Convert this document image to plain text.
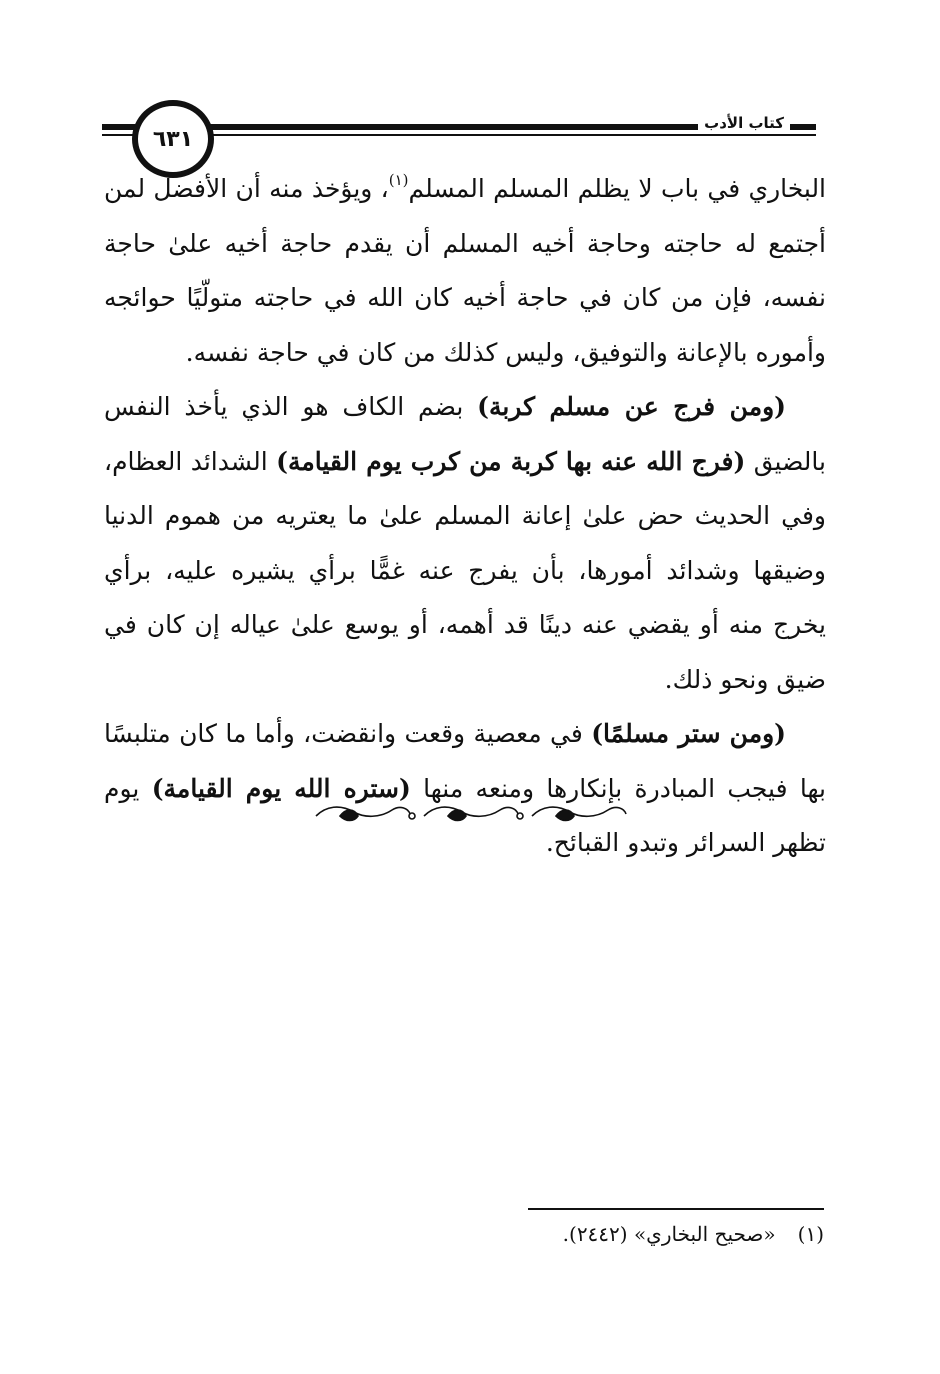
كتاب الأدب
٦٣١

البخاري في باب لا يظلم المسلم المسلم$^{(١)}$، ويؤخذ منه أن الأفضل لمن أجتمع له حاجته وحاجة أخيه المسلم أن يقدم حاجة أخيه علىٰ حاجة نفسه، فإن من كان في حاجة أخيه كان الله في حاجته متولّيًا حوائجه وأموره بالإعانة والتوفيق، وليس كذلك من كان في حاجة نفسه.

(ومن فرج عن مسلم كربة) بضم الكاف هو الذي يأخذ النفس بالضيق (فرج الله عنه بها كربة من كرب يوم القيامة) الشدائد العظام، وفي الحديث حض علىٰ إعانة المسلم علىٰ ما يعتريه من هموم الدنيا وضيقها وشدائد أمورها، بأن يفرج عنه غمًّا برأي يشيره عليه، برأي يخرج منه أو يقضي عنه دينًا قد أهمه، أو يوسع علىٰ عياله إن كان في ضيق ونحو ذلك.

(ومن ستر مسلمًا) في معصية وقعت وانقضت، وأما ما كان متلبسًا بها فيجب المبادرة بإنكارها ومنعه منها (ستره الله يوم القيامة) يوم تظهر السرائر وتبدو القبائح.

(١)«صحيح البخاري» (٢٤٤٢).
